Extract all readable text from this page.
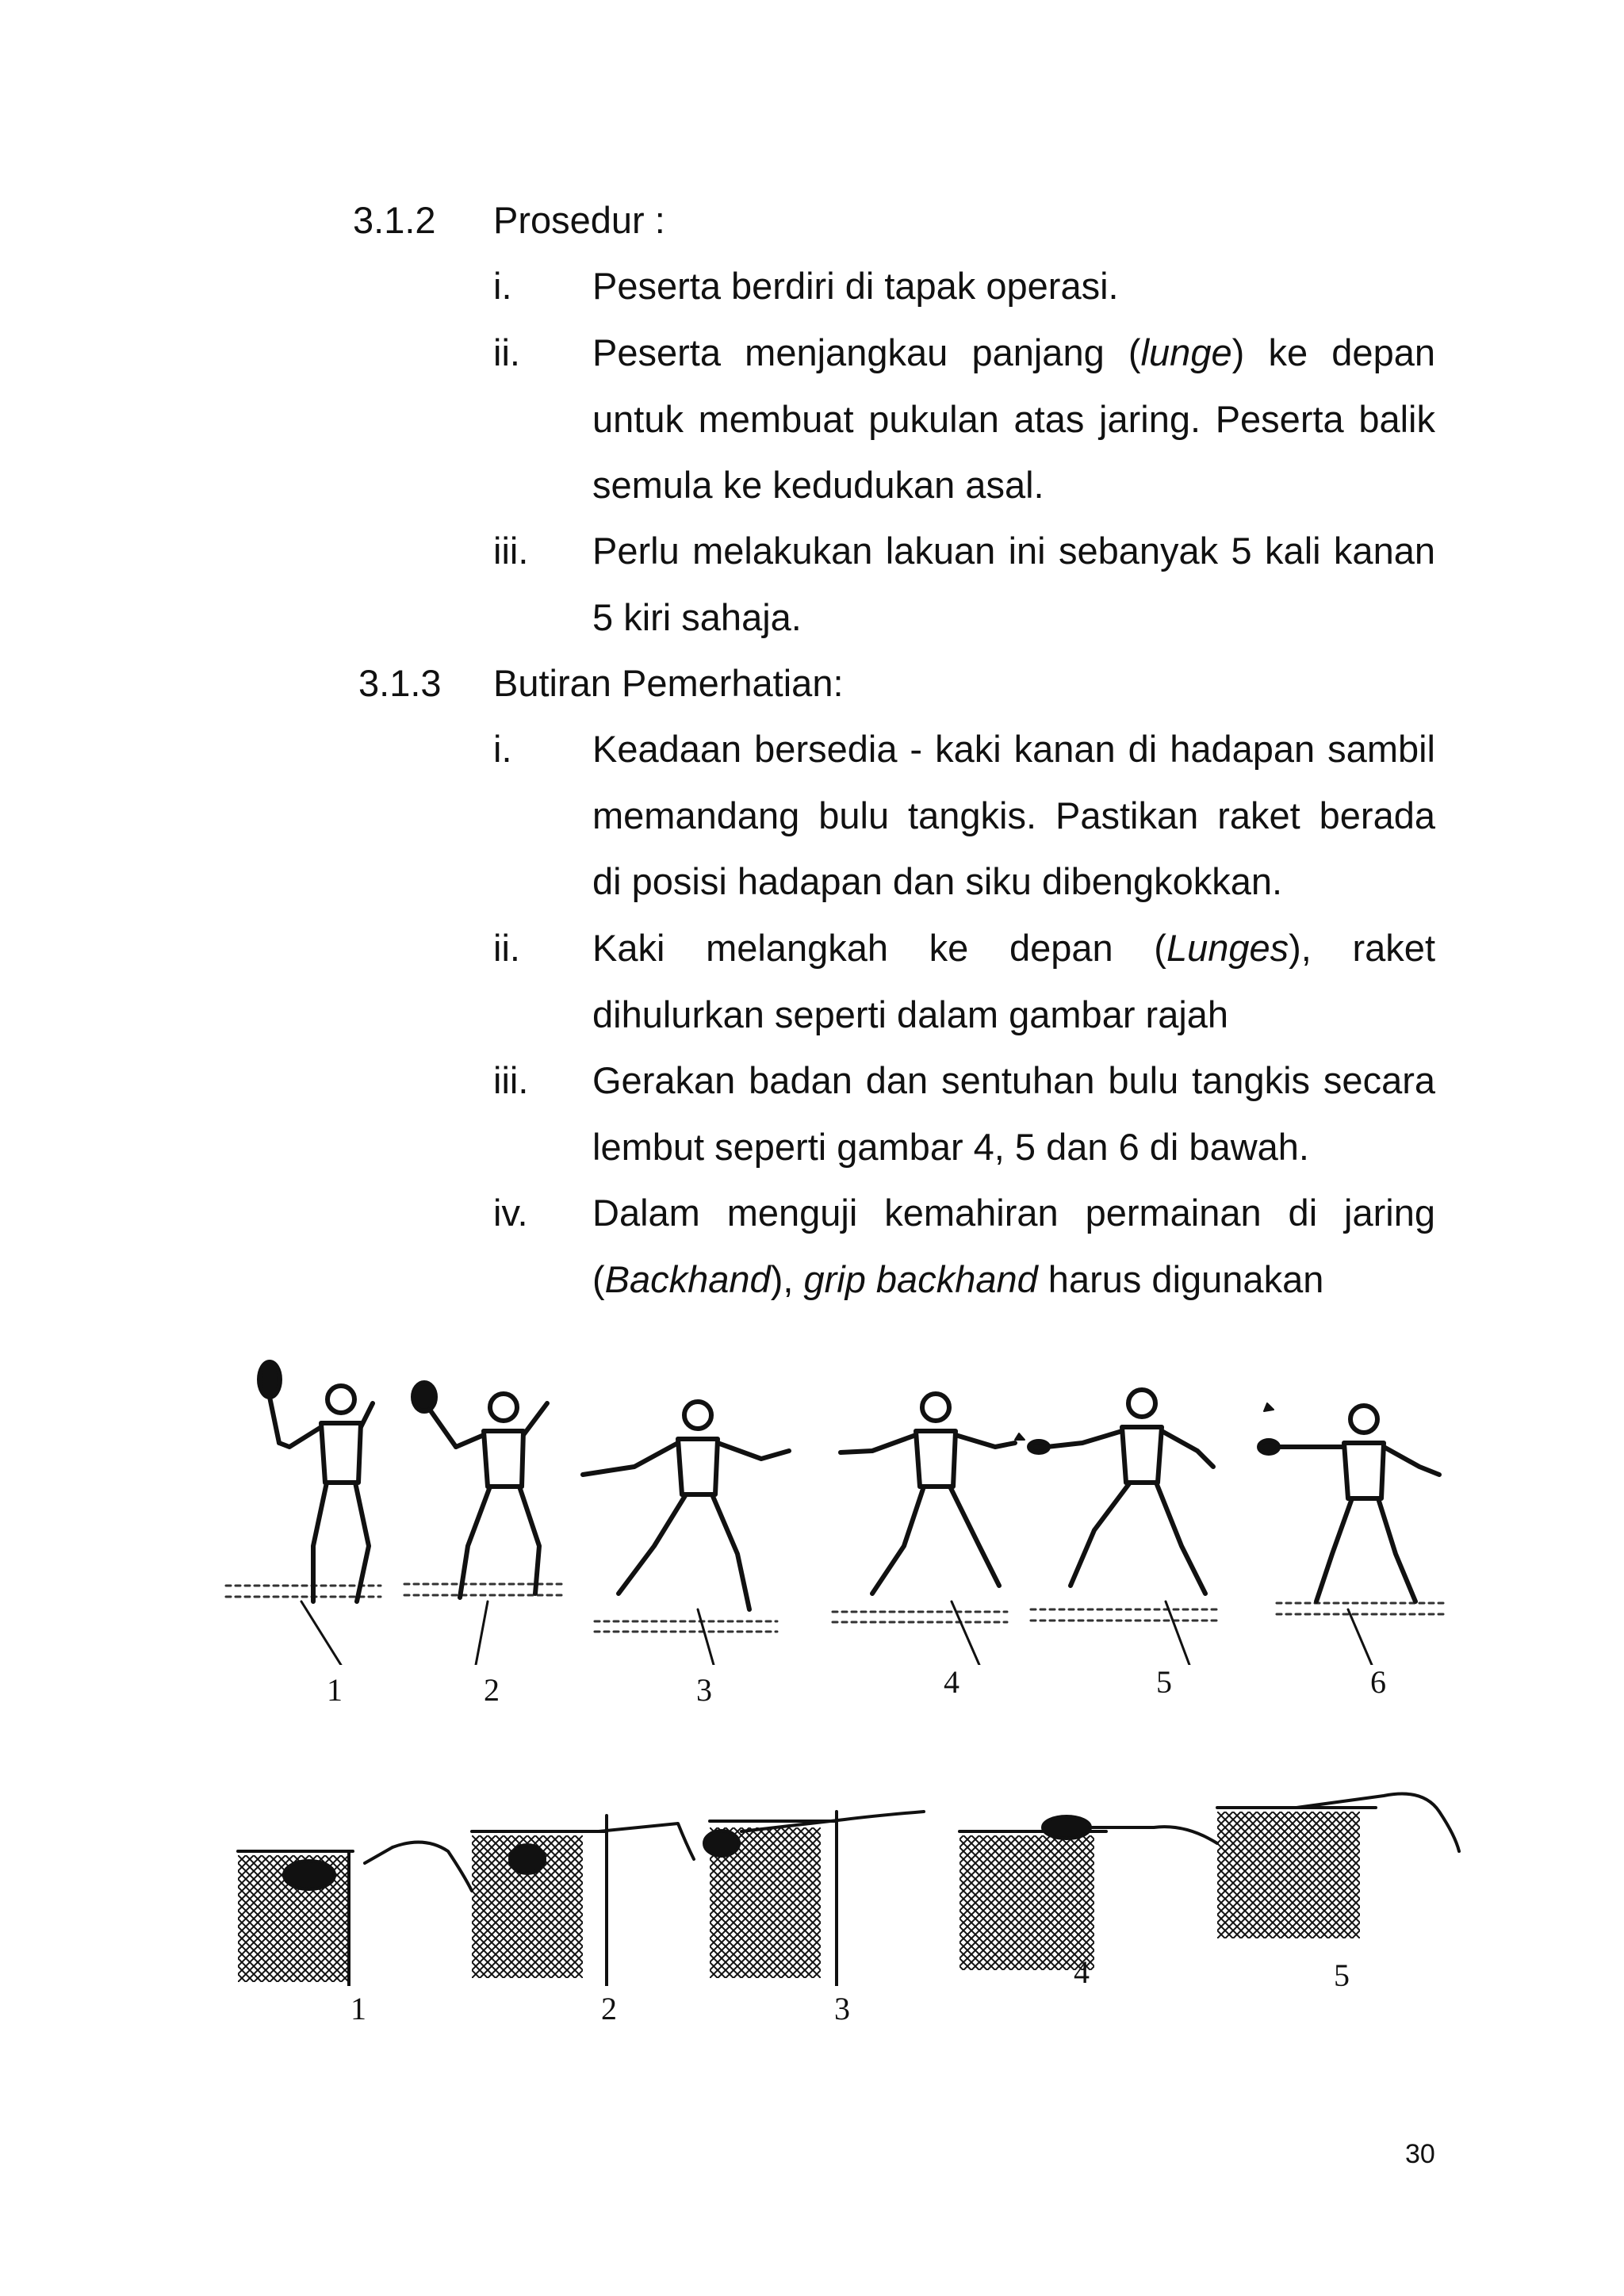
3.1.2 Prosedur :
i. Peserta berdiri di tapak operasi.
ii. Peserta menjangkau panjang (lunge) ke depan
untuk membuat pukulan atas jaring. Peserta balik
semula ke kedudukan asal.
iii. Perlu melakukan lakuan ini sebanyak 5 kali kanan
5 kiri sahaja.
3.1.3 Butiran Pemerhatian:
i. Keadaan bersedia - kaki kanan di hadapan sambil
memandang bulu tangkis. Pastikan raket berada
di posisi hadapan dan siku dibengkokkan.
ii. Kaki melangkah ke depan (Lunges), raket
dihulurkan seperti dalam gambar rajah
iii. Gerakan badan dan sentuhan bulu tangkis secara
lembut seperti gambar 4, 5 dan 6 di bawah.
iv. Dalam menguji kemahiran permainan di jaring
(Backhand), grip backhand harus digunakan
1	2	3	4	5	6
1	2	3
4	5
30
